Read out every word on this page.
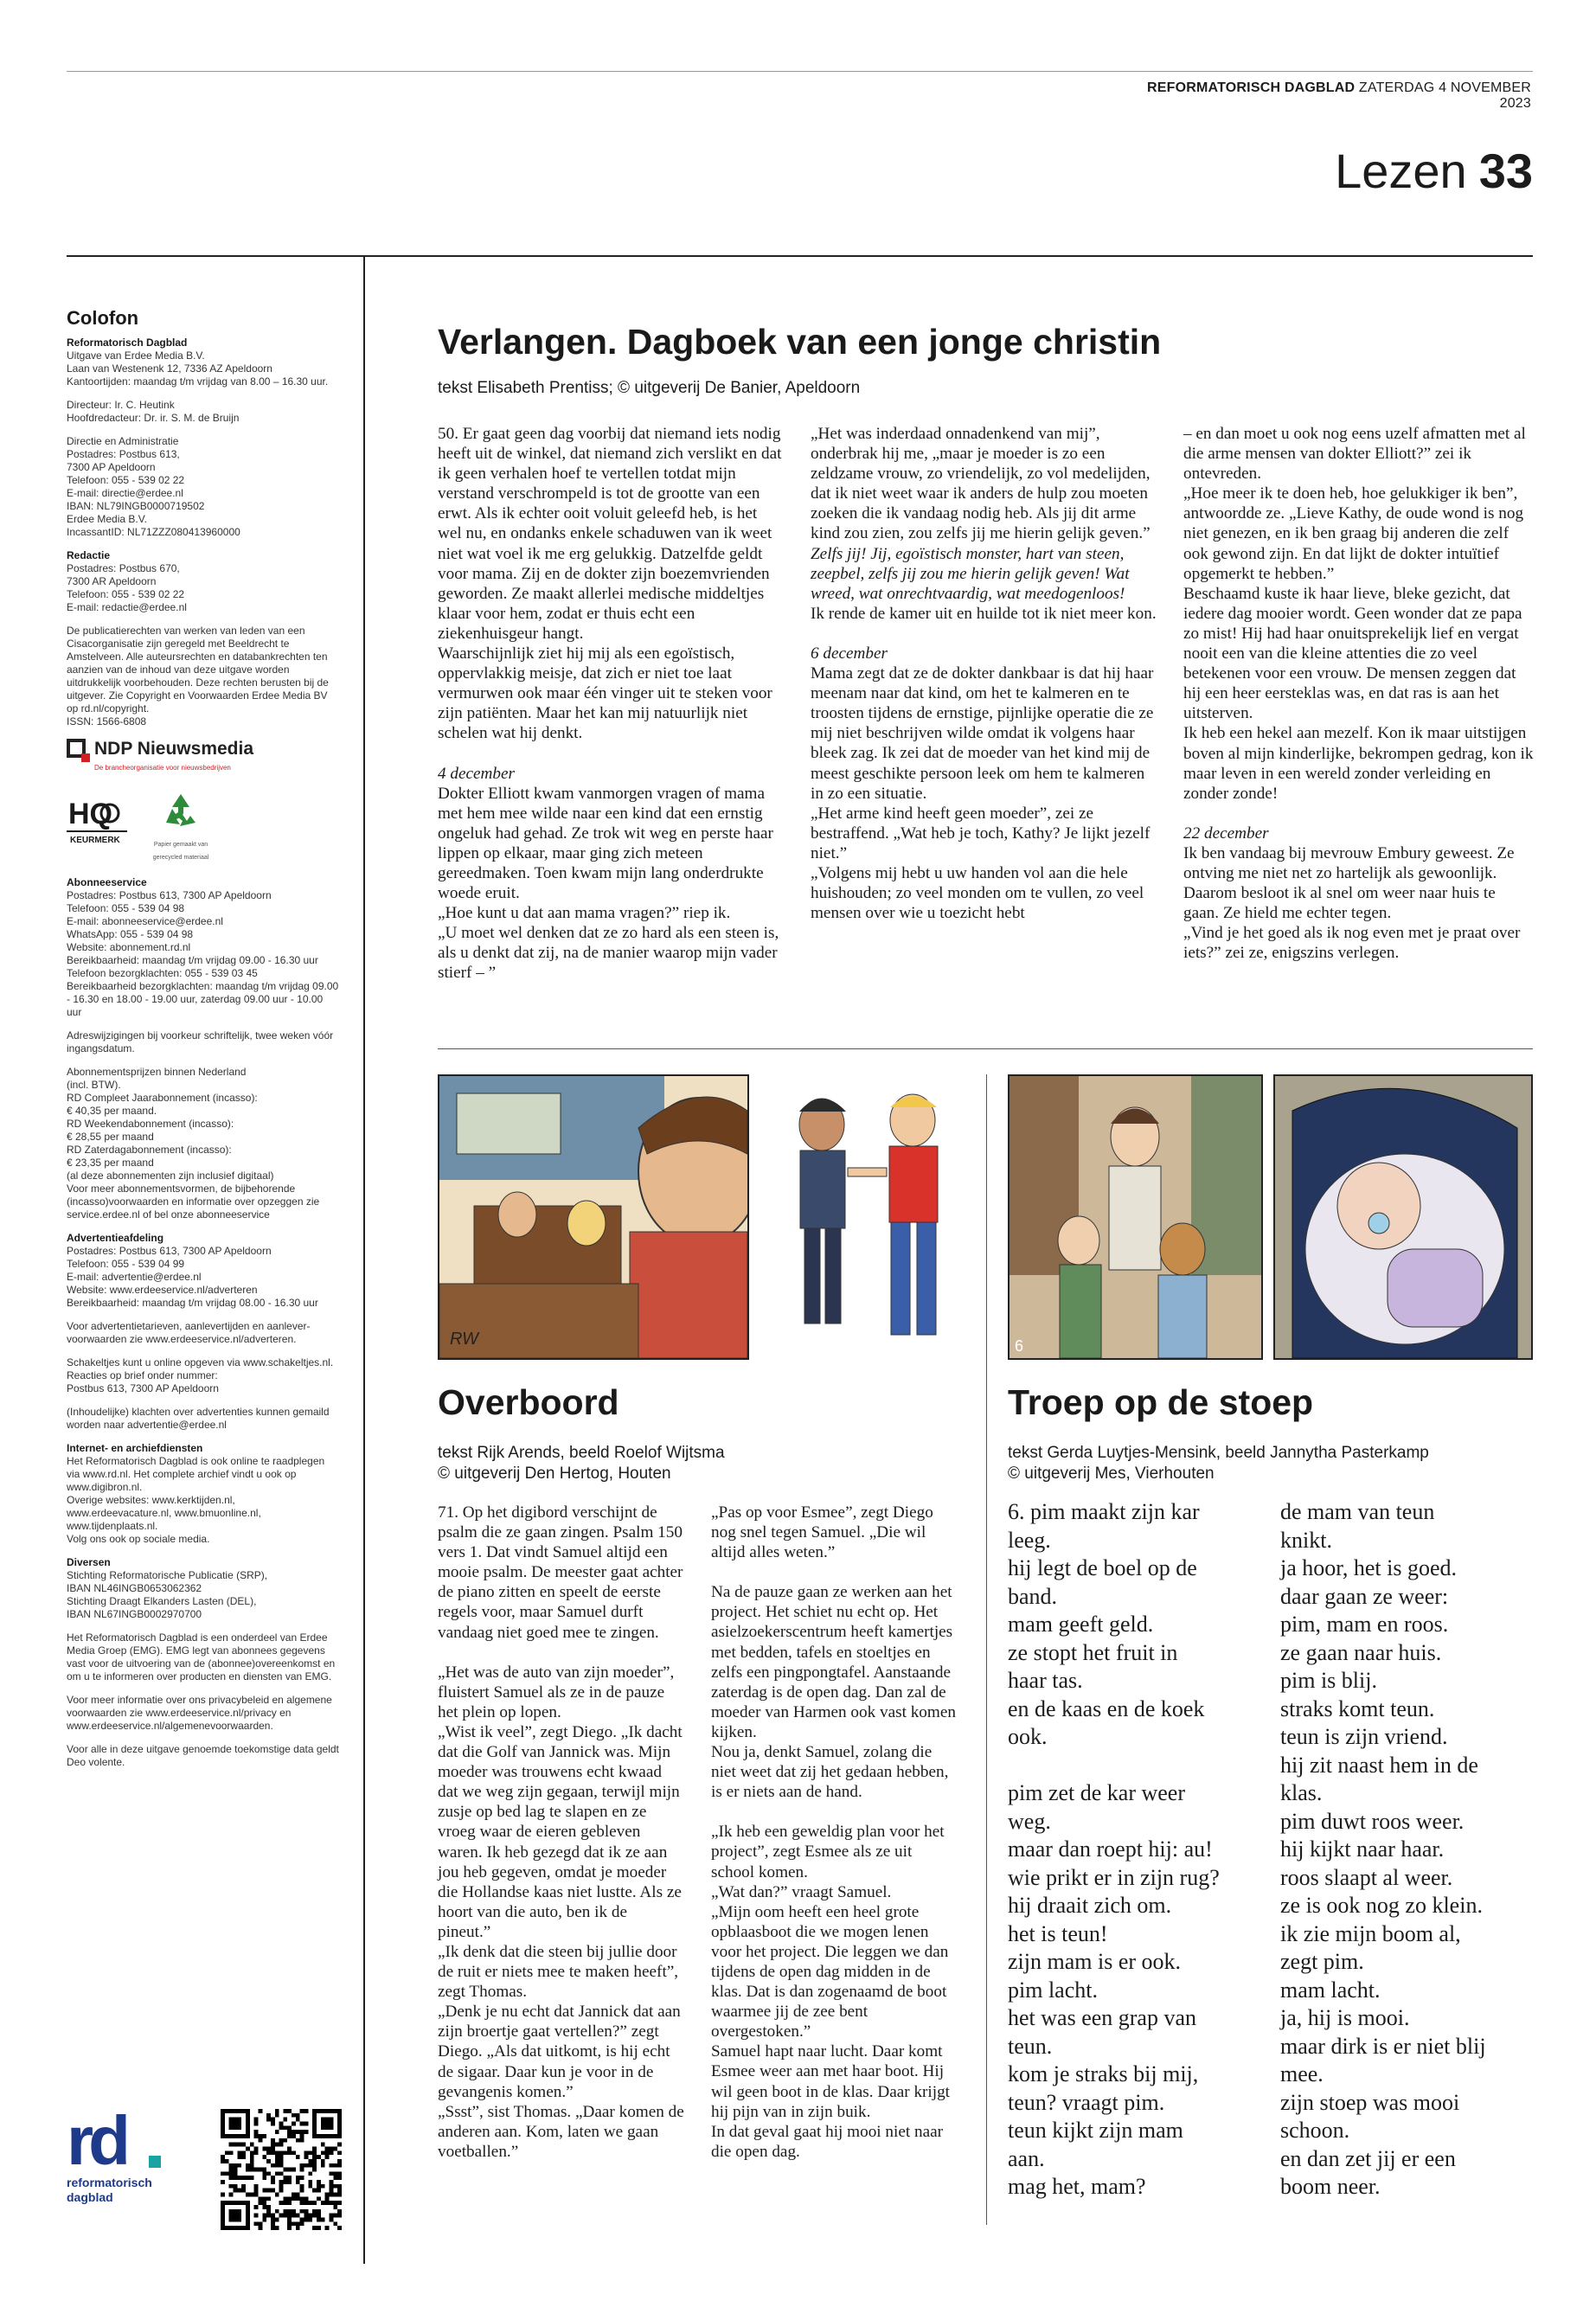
REFORMATORISCH DAGBLAD ZATERDAG 4 NOVEMBER 2023
Lezen 33
Colofon
Reformatorisch Dagblad
Uitgave van Erdee Media B.V.
Laan van Westenenk 12, 7336 AZ Apeldoorn
Kantoortijden: maandag t/m vrijdag van 8.00 – 16.30 uur.
Directeur: Ir. C. Heutink
Hoofdredacteur: Dr. ir. S. M. de Bruijn
Directie en Administratie
Postadres: Postbus 613,
7300 AP Apeldoorn
Telefoon: 055 - 539 02 22
E-mail: directie@erdee.nl
IBAN: NL79INGB0000719502
Erdee Media B.V.
IncassantID: NL71ZZZ080413960000
Redactie
Postadres: Postbus 670,
7300 AR Apeldoorn
Telefoon: 055 - 539 02 22
E-mail: redactie@erdee.nl
De publicatierechten van werken van leden van een Cisacorganisatie zijn geregeld met Beeldrecht te Amstelveen. Alle auteursrechten en databankrechten ten aanzien van de inhoud van deze uitgave worden uitdrukkelijk voorbehouden. Deze rechten berusten bij de uitgever. Zie Copyright en Voorwaarden Erdee Media BV op rd.nl/copyright.
ISSN: 1566-6808
NDP Nieuwsmedia
De branchеorganisatie voor nieuwsbedrijven
HQ
KEURMERK	Papier gemaakt van gerecycled materiaal
Abonneeservice
Postadres: Postbus 613, 7300 AP Apeldoorn
Telefoon: 055 - 539 04 98
E-mail: abonneeservice@erdee.nl
WhatsApp: 055 - 539 04 98
Website: abonnement.rd.nl
Bereikbaarheid: maandag t/m vrijdag 09.00 - 16.30 uur
Telefoon bezorgklachten: 055 - 539 03 45
Bereikbaarheid bezorgklachten: maandag t/m vrijdag 09.00 - 16.30 en 18.00 - 19.00 uur, zaterdag 09.00 uur - 10.00 uur
Adreswijzigingen bij voorkeur schriftelijk, twee weken vóór ingangsdatum.
Abonnementsprijzen binnen Nederland
(incl. BTW).
RD Compleet Jaarabonnement (incasso):
€ 40,35 per maand.
RD Weekendabonnement (incasso):
€ 28,55 per maand
RD Zaterdagabonnement (incasso):
€ 23,35 per maand
(al deze abonnementen zijn inclusief digitaal)
Voor meer abonnementsvormen, de bijbehorende (incasso)voorwaarden en informatie over opzeggen zie service.erdee.nl of bel onze abonneeservice
Advertentieafdeling
Postadres: Postbus 613, 7300 AP Apeldoorn
Telefoon: 055 - 539 04 99
E-mail: advertentie@erdee.nl
Website: www.erdeeservice.nl/adverteren
Bereikbaarheid: maandag t/m vrijdag 08.00 - 16.30 uur
Voor advertentietarieven, aanlevertijden en aanlever-voorwaarden zie www.erdeeservice.nl/adverteren.
Schakeltjes kunt u online opgeven via www.schakeltjes.nl.
Reacties op brief onder nummer:
Postbus 613, 7300 AP Apeldoorn
(Inhoudelijke) klachten over advertenties kunnen gemaild worden naar advertentie@erdee.nl
Internet- en archiefdiensten
Het Reformatorisch Dagblad is ook online te raadplegen via www.rd.nl. Het complete archief vindt u ook op
www.digibron.nl.
Overige websites: www.kerktijden.nl,
www.erdeevacature.nl, www.bmuonline.nl,
www.tijdenplaats.nl.
Volg ons ook op sociale media.
Diversen
Stichting Reformatorische Publicatie (SRP),
IBAN NL46INGB0653062362
Stichting Draagt Elkanders Lasten (DEL),
IBAN NL67INGB0002970700
Het Reformatorisch Dagblad is een onderdeel van Erdee Media Groep (EMG). EMG legt van abonnees gegevens vast voor de uitvoering van de (abonnee)overeenkomst en om u te informeren over producten en diensten van EMG.
Voor meer informatie over ons privacybeleid en algemene voorwaarden zie www.erdeeservice.nl/privacy en www.erdeeservice.nl/algemenevoorwaarden.
Voor alle in deze uitgave genoemde toekomstige data geldt Deo volente.
rd
reformatorisch dagblad
Verlangen. Dagboek van een jonge christin
tekst Elisabeth Prentiss; © uitgeverij De Banier, Apeldoorn

50. Er gaat geen dag voorbij dat niemand iets nodig heeft uit de winkel, dat niemand zich verslikt en dat ik geen verhalen hoef te vertellen totdat mijn verstand verschrompeld is tot de grootte van een erwt. Als ik echter ooit voluit geleefd heb, is het wel nu, en ondanks enkele schaduwen van ik weet niet wat voel ik me erg gelukkig. Datzelfde geldt voor mama. Zij en de dokter zijn boezemvrienden geworden. Ze maakt allerlei medische middeltjes klaar voor hem, zodat er thuis echt een ziekenhuisgeur hangt.

Waarschijnlijk ziet hij mij als een egoïstisch, oppervlakkig meisje, dat zich er niet toe laat vermurwen ook maar één vinger uit te steken voor zijn patiënten. Maar het kan mij natuurlijk niet schelen wat hij denkt.

4 december

Dokter Elliott kwam vanmorgen vragen of mama met hem mee wilde naar een kind dat een ernstig ongeluk had gehad. Ze trok wit weg en perste haar lippen op elkaar, maar ging zich meteen gereedmaken. Toen kwam mijn lang onderdrukte woede eruit.

„Hoe kunt u dat aan mama vragen?” riep ik.

„U moet wel denken dat ze zo hard als een steen is, als u denkt dat zij, na de manier waarop mijn vader stierf – ”

„Het was inderdaad onnadenkend van mij”, onderbrak hij me, „maar je moeder is zo een zeldzame vrouw, zo vriendelijk, zo vol medelijden, dat ik niet weet waar ik anders de hulp zou moeten zoeken die ik vandaag nodig heb. Als jij dit arme kind zou zien, zou zelfs jij me hierin gelijk geven.”

Zelfs jij! Jij, egoïstisch monster, hart van steen, zeepbel, zelfs jij zou me hierin gelijk geven! Wat wreed, wat onrechtvaardig, wat meedogenloos!

Ik rende de kamer uit en huilde tot ik niet meer kon.

6 december

Mama zegt dat ze de dokter dankbaar is dat hij haar meenam naar dat kind, om het te kalmeren en te troosten tijdens de ernstige, pijnlijke operatie die ze mij niet beschrijven wilde omdat ik volgens haar bleek zag. Ik zei dat de moeder van het kind mij de meest geschikte persoon leek om hem te kalmeren in zo een situatie.

„Het arme kind heeft geen moeder”, zei ze bestraffend. „Wat heb je toch, Kathy? Je lijkt jezelf niet.”

„Volgens mij hebt u uw handen vol aan die hele huishouden; zo veel monden om te vullen, zo veel mensen over wie u toezicht hebt

– en dan moet u ook nog eens uzelf afmatten met al die arme mensen van dokter Elliott?” zei ik ontevreden.

„Hoe meer ik te doen heb, hoe gelukkiger ik ben”, antwoordde ze. „Lieve Kathy, de oude wond is nog niet genezen, en ik ben graag bij anderen die zelf ook gewond zijn. En dat lijkt de dokter intuïtief opgemerkt te hebben.”

Beschaamd kuste ik haar lieve, bleke gezicht, dat iedere dag mooier wordt. Geen wonder dat ze papa zo mist! Hij had haar onuitsprekelijk lief en vergat nooit een van die kleine attenties die zo veel betekenen voor een vrouw. De mensen zeggen dat hij een heer eersteklas was, en dat ras is aan het uitsterven.

Ik heb een hekel aan mezelf. Kon ik maar uitstijgen boven al mijn kinderlijke, bekrompen gedrag, kon ik maar leven in een wereld zonder verleiding en zonder zonde!

22 december

Ik ben vandaag bij mevrouw Embury geweest. Ze ontving me niet net zo hartelijk als gewoonlijk. Daarom besloot ik al snel om weer naar huis te gaan. Ze hield me echter tegen.

„Vind je het goed als ik nog even met je praat over iets?” zei ze, enigszins verlegen.

RW	6
Overboord
tekst Rijk Arends, beeld Roelof Wijtsma
© uitgeverij Den Hertog, Houten

71. Op het digibord verschijnt de psalm die ze gaan zingen. Psalm 150 vers 1. Dat vindt Samuel altijd een mooie psalm. De meester gaat achter de piano zitten en speelt de eerste regels voor, maar Samuel durft vandaag niet goed mee te zingen.

„Het was de auto van zijn moeder”, fluistert Samuel als ze in de pauze het plein op lopen.

„Wist ik veel”, zegt Diego. „Ik dacht dat die Golf van Jannick was. Mijn moeder was trouwens echt kwaad dat we weg zijn gegaan, terwijl mijn zusje op bed lag te slapen en ze vroeg waar de eieren gebleven waren. Ik heb gezegd dat ik ze aan jou heb gegeven, omdat je moeder die Hollandse kaas niet lustte. Als ze hoort van die auto, ben ik de pineut.”

„Ik denk dat die steen bij jullie door de ruit er niets mee te maken heeft”, zegt Thomas.

„Denk je nu echt dat Jannick dat aan zijn broertje gaat vertellen?” zegt Diego. „Als dat uitkomt, is hij echt de sigaar. Daar kun je voor in de gevangenis komen.”

„Ssst”, sist Thomas. „Daar komen de anderen aan. Kom, laten we gaan voetballen.”

„Pas op voor Esmee”, zegt Diego nog snel tegen Samuel. „Die wil altijd alles weten.”

Na de pauze gaan ze werken aan het project. Het schiet nu echt op. Het asielzoekerscentrum heeft kamertjes met bedden, tafels en stoeltjes en zelfs een pingpongtafel. Aanstaande zaterdag is de open dag. Dan zal de moeder van Harmen ook vast komen kijken.

Nou ja, denkt Samuel, zolang die niet weet dat zij het gedaan hebben, is er niets aan de hand.

„Ik heb een geweldig plan voor het project”, zegt Esmee als ze uit school komen.

„Wat dan?” vraagt Samuel.

„Mijn oom heeft een heel grote opblaasboot die we mogen lenen voor het project. Die leggen we dan tijdens de open dag midden in de klas. Dat is dan zogenaamd de boot waarmee jij de zee bent overgestoken.”

Samuel hapt naar lucht. Daar komt Esmee weer aan met haar boot. Hij wil geen boot in de klas. Daar krijgt hij pijn van in zijn buik.

In dat geval gaat hij mooi niet naar die open dag.

Troep op de stoep
tekst Gerda Luytjes-Mensink, beeld Jannytha Pasterkamp
© uitgeverij Mes, Vierhouten
6. pim maakt zijn kar
leeg.
hij legt de boel op de
band.
mam geeft geld.
ze stopt het fruit in
haar tas.
en de kaas en de koek
ook.

pim zet de kar weer
weg.
maar dan roept hij: au!
wie prikt er in zijn rug?
hij draait zich om.
het is teun!
zijn mam is er ook.
pim lacht.
het was een grap van
teun.
kom je straks bij mij,
teun? vraagt pim.
teun kijkt zijn mam
aan.
mag het, mam?
de mam van teun
knikt.
ja hoor, het is goed.
daar gaan ze weer:
pim, mam en roos.
ze gaan naar huis.
pim is blij.
straks komt teun.
teun is zijn vriend.
hij zit naast hem in de
klas.
pim duwt roos weer.
hij kijkt naar haar.
roos slaapt al weer.
ze is ook nog zo klein.
ik zie mijn boom al,
zegt pim.
mam lacht.
ja, hij is mooi.
maar dirk is er niet blij
mee.
zijn stoep was mooi
schoon.
en dan zet jij er een
boom neer.
